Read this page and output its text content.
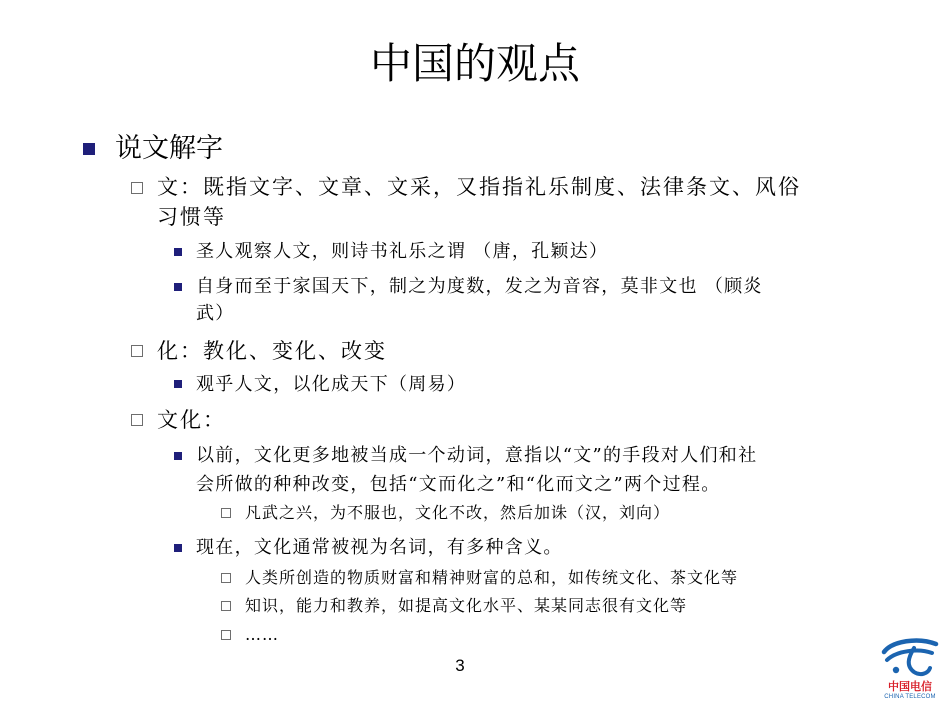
中国的观点
说文解字
文：既指文字、文章、文采，又指指礼乐制度、法律条文、风俗
习惯等
圣人观察人文，则诗书礼乐之谓 （唐，孔颖达）
自身而至于家国天下，制之为度数，发之为音容，莫非文也 （顾炎
武）
化：教化、变化、改变
观乎人文，以化成天下（周易）
文化：
以前，文化更多地被当成一个动词，意指以“文”的手段对人们和社
会所做的种种改变，包括“文而化之”和“化而文之”两个过程。
凡武之兴，为不服也，文化不改，然后加诛（汉，刘向）
现在，文化通常被视为名词，有多种含义。
人类所创造的物质财富和精神财富的总和，如传统文化、茶文化等
知识，能力和教养，如提高文化水平、某某同志很有文化等
……
3
中国电信
CHINA TELECOM
